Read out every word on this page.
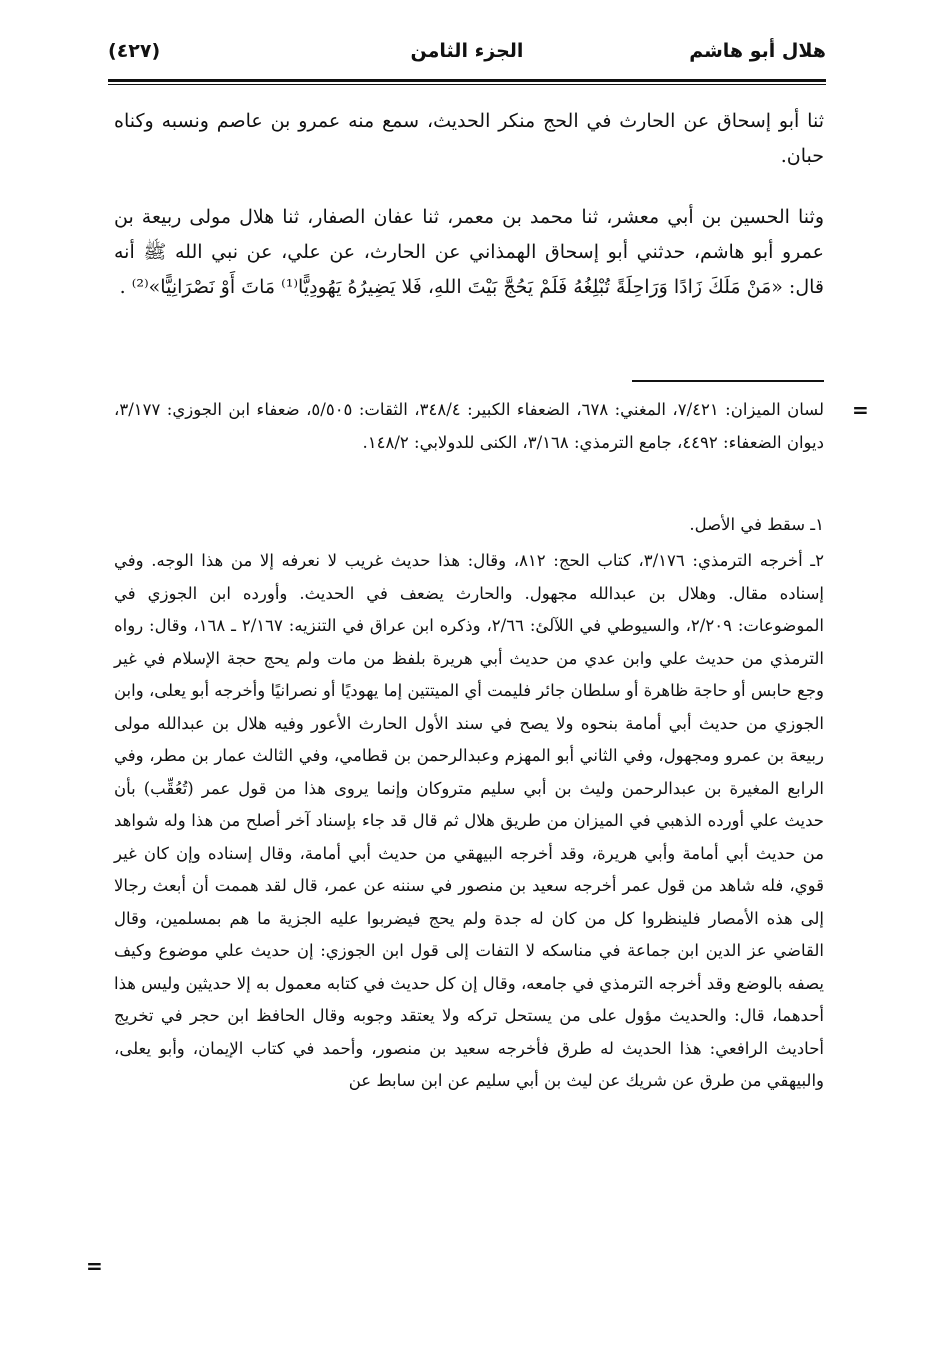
هلال أبو هاشم
الجزء الثامن
(٤٢٧)

ثنا أبو إسحاق عن الحارث في الحج منكر الحديث، سمع منه عمرو بن عاصم ونسبه وكناه حبان.

وثنا الحسين بن أبي معشر، ثنا محمد بن معمر، ثنا عفان الصفار، ثنا هلال مولى ربيعة بن عمرو أبو هاشم، حدثني أبو إسحاق الهمذاني عن الحارث، عن علي، عن نبي الله ﷺ أنه قال: «مَنْ مَلَكَ زَادًا وَرَاحِلَةً تُبْلِغُهُ فَلَمْ يَحُجَّ بَيْتَ اللهِ، فَلا يَضِيرُهُ يَهُودِيًّا⁽¹⁾ مَاتَ أَوْ نَصْرَانِيًّا»⁽²⁾ .

=

لسان الميزان: ٧/٤٢١، المغني: ٦٧٨، الضعفاء الكبير: ٣٤٨/٤، الثقات: ٥/٥٠٥، ضعفاء ابن الجوزي: ٣/١٧٧، ديوان الضعفاء: ٤٤٩٢، جامع الترمذي: ٣/١٦٨، الكنى للدولابي: ١٤٨/٢.

١ـ سقط في الأصل.

٢ـ أخرجه الترمذي: ٣/١٧٦، كتاب الحج: ٨١٢، وقال: هذا حديث غريب لا نعرفه إلا من هذا الوجه. وفي إسناده مقال. وهلال بن عبدالله مجهول. والحارث يضعف في الحديث. وأورده ابن الجوزي في الموضوعات: ٢/٢٠٩، والسيوطي في اللآلئ: ٢/٦٦، وذكره ابن عراق في التنزيه: ٢/١٦٧ ـ ١٦٨، وقال: رواه الترمذي من حديث علي وابن عدي من حديث أبي هريرة بلفظ من مات ولم يحج حجة الإسلام في غير وجع حابس أو حاجة ظاهرة أو سلطان جائر فليمت أي الميتتين إما يهوديًا أو نصرانيًا وأخرجه أبو يعلى، وابن الجوزي من حديث أبي أمامة بنحوه ولا يصح في سند الأول الحارث الأعور وفيه هلال بن عبدالله مولى ربيعة بن عمرو ومجهول، وفي الثاني أبو المهزم وعبدالرحمن بن قطامي، وفي الثالث عمار بن مطر، وفي الرابع المغيرة بن عبدالرحمن وليث بن أبي سليم متروكان وإنما يروى هذا من قول عمر (تُعُقِّب) بأن حديث علي أورده الذهبي في الميزان من طريق هلال ثم قال قد جاء بإسناد آخر أصلح من هذا وله شواهد من حديث أبي أمامة وأبي هريرة، وقد أخرجه البيهقي من حديث أبي أمامة، وقال إسناده وإن كان غير قوي، فله شاهد من قول عمر أخرجه سعيد بن منصور في سننه عن عمر، قال لقد هممت أن أبعث رجالا إلى هذه الأمصار فلينظروا كل من كان له جدة ولم يحج فيضربوا عليه الجزية ما هم بمسلمين، وقال القاضي عز الدين ابن جماعة في مناسكه لا التفات إلى قول ابن الجوزي: إن حديث علي موضوع وكيف يصفه بالوضع وقد أخرجه الترمذي في جامعه، وقال إن كل حديث في كتابه معمول به إلا حديثين وليس هذا أحدهما، قال: والحديث مؤول على من يستحل تركه ولا يعتقد وجوبه وقال الحافظ ابن حجر في تخريج أحاديث الرافعي: هذا الحديث له طرق فأخرجه سعيد بن منصور، وأحمد في كتاب الإيمان، وأبو يعلى، والبيهقي من طرق عن شريك عن ليث بن أبي سليم عن ابن سابط عن

=
